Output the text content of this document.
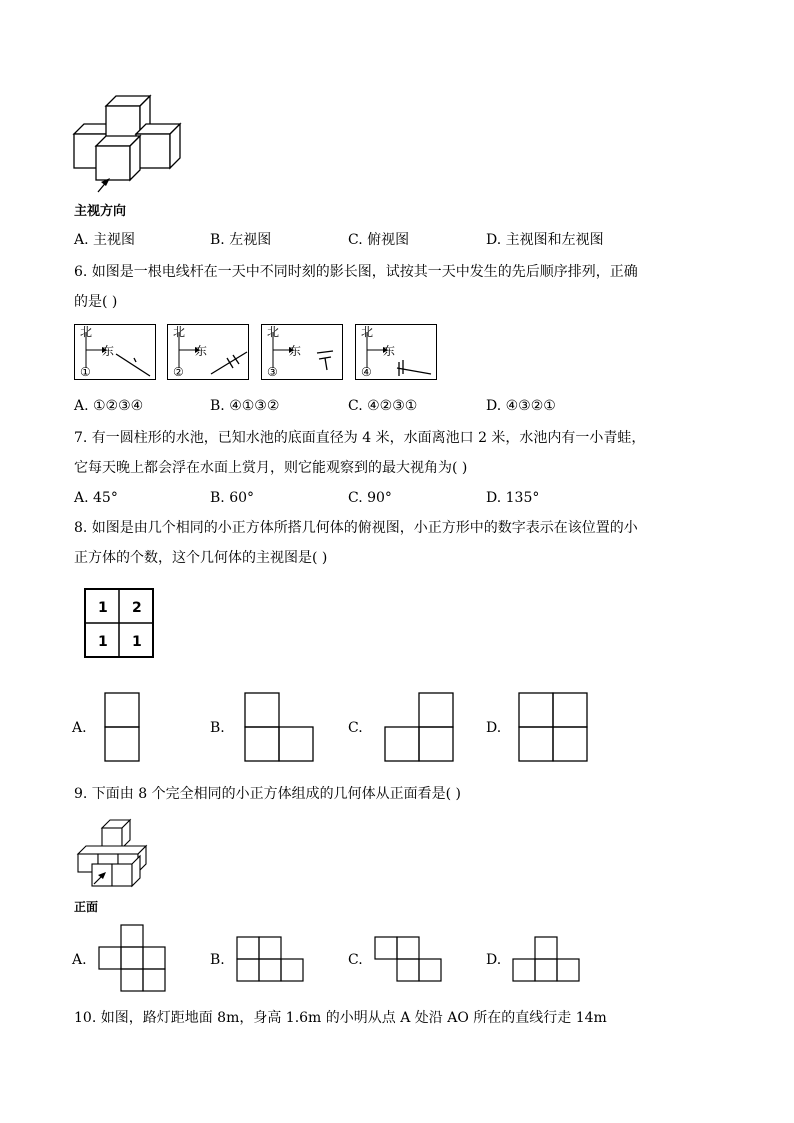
主视方向
A. 主视图	B. 左视图	C. 俯视图	D. 主视图和左视图
6. 如图是一根电线杆在一天中不同时刻的影长图，试按其一天中发生的先后顺序排列，正确
的是( )
北
东
①
北
东
②
北
东
③
北
东
④
A. ①②③④	B. ④①③②	C. ④②③①	D. ④③②①
7. 有一圆柱形的水池，已知水池的底面直径为 4 米，水面离池口 2 米，水池内有一小青蛙，
它每天晚上都会浮在水面上赏月，则它能观察到的最大视角为( )
A. 45°	B. 60°	C. 90°	D. 135°
8. 如图是由几个相同的小正方体所搭几何体的俯视图，小正方形中的数字表示在该位置的小
正方体的个数，这个几何体的主视图是( )
1 2
1 1
A.	B.	C.	D.
9. 下面由 8 个完全相同的小正方体组成的几何体从正面看是( )
正面
A.	B.	C.	D.
10. 如图，路灯距地面 8m，身高 1.6m 的小明从点 A 处沿 AO 所在的直线行走 14m
